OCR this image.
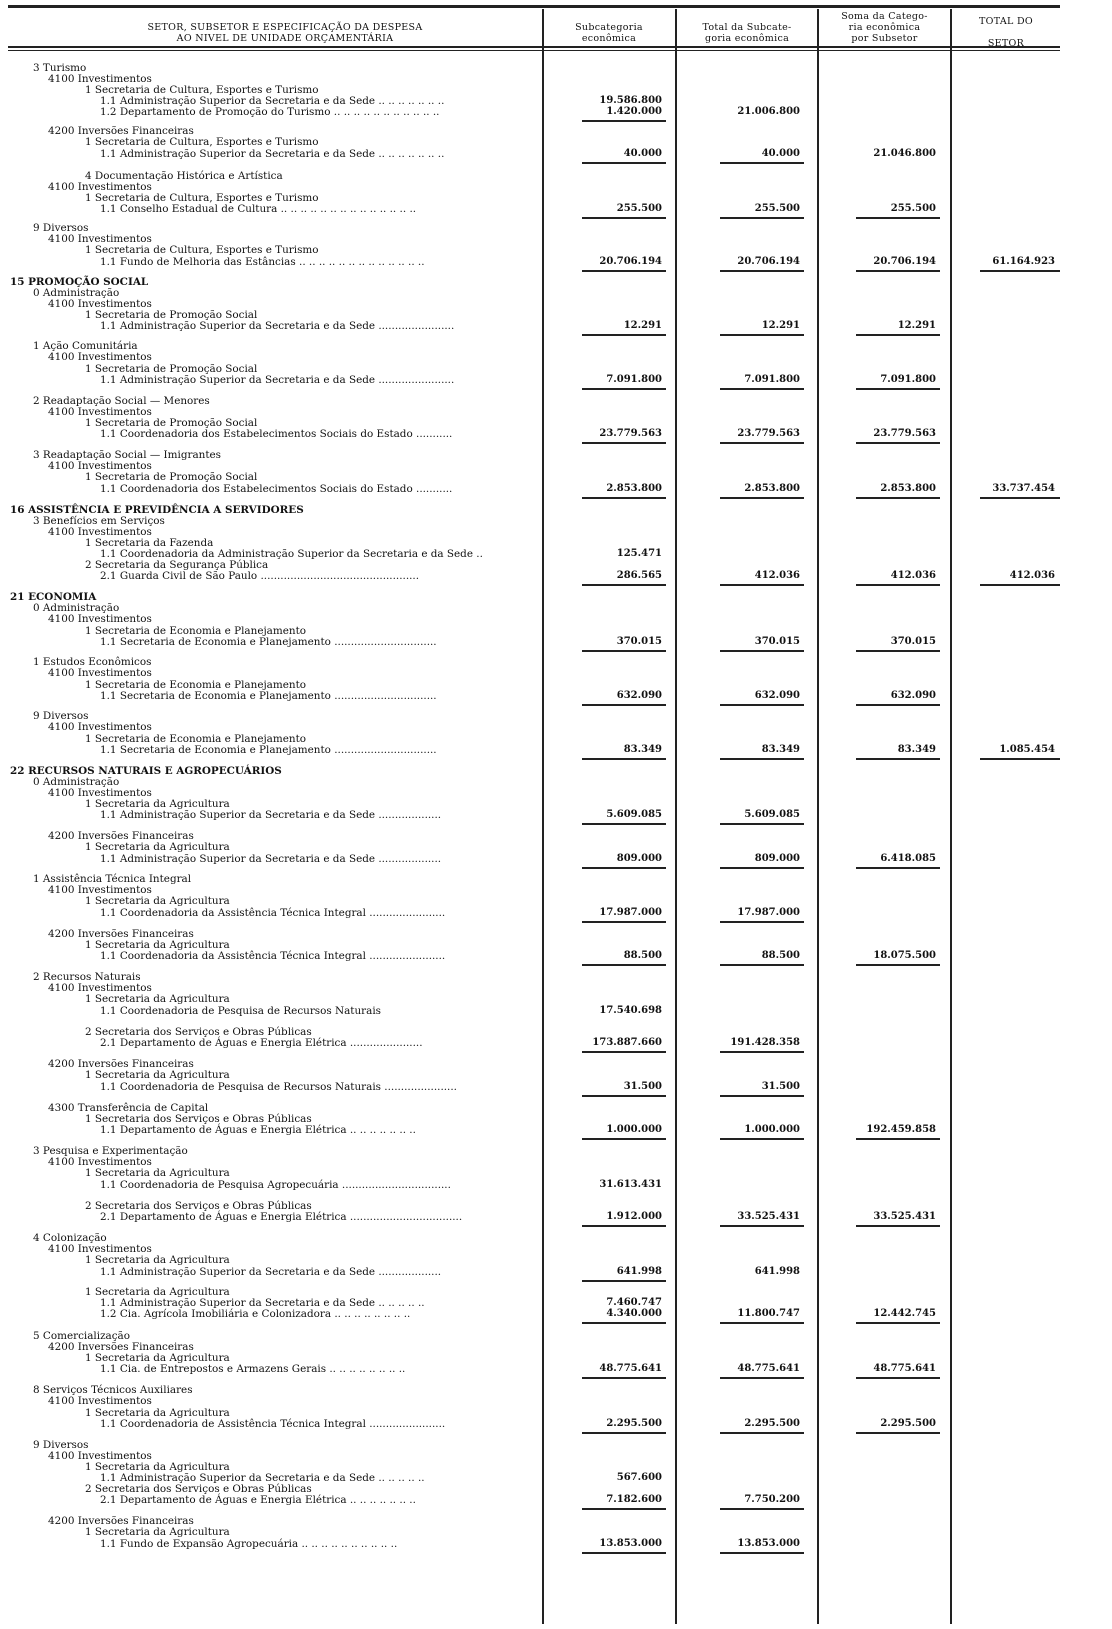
SETOR, SUBSETOR E ESPECIFICAÇÃO DA DESPESA
AO NIVEL DE UNIDADE ORÇAMENTÁRIA
Subcategoria
econômica
Total da Subcate-
goria econômica
Soma da Catego-
ria econômica
por Subsetor
TOTAL DO
SETOR
3 Turismo
4100 Investimentos
1 Secretaria de Cultura, Esportes e Turismo
1.1 Administração Superior da Secretaria e da Sede .. .. .. .. .. .. ..	19.586.800
1.2 Departamento de Promoção do Turismo .. .. .. .. .. .. .. .. .. .. ..	1.420.000	21.006.800
4200 Inversões Financeiras
1 Secretaria de Cultura, Esportes e Turismo
1.1 Administração Superior da Secretaria e da Sede .. .. .. .. .. .. ..	40.000	40.000	21.046.800
4 Documentação Histórica e Artística
4100 Investimentos
1 Secretaria de Cultura, Esportes e Turismo
1.1 Conselho Estadual de Cultura .. .. .. .. .. .. .. .. .. .. .. .. .. ..	255.500	255.500	255.500
9 Diversos
4100 Investimentos
1 Secretaria de Cultura, Esportes e Turismo
1.1 Fundo de Melhoria das Estâncias .. .. .. .. .. .. .. .. .. .. .. .. ..	20.706.194	20.706.194	20.706.194	61.164.923
15 PROMOÇÃO SOCIAL
0 Administração
4100 Investimentos
1 Secretaria de Promoção Social
1.1 Administração Superior da Secretaria e da Sede .......................	12.291	12.291	12.291
1 Ação Comunitária
4100 Investimentos
1 Secretaria de Promoção Social
1.1 Administração Superior da Secretaria e da Sede .......................	7.091.800	7.091.800	7.091.800
2 Readaptação Social — Menores
4100 Investimentos
1 Secretaria de Promoção Social
1.1 Coordenadoria dos Estabelecimentos Sociais do Estado ...........	23.779.563	23.779.563	23.779.563
3 Readaptação Social — Imigrantes
4100 Investimentos
1 Secretaria de Promoção Social
1.1 Coordenadoria dos Estabelecimentos Sociais do Estado ...........	2.853.800	2.853.800	2.853.800	33.737.454
16 ASSISTÊNCIA E PREVIDÊNCIA A SERVIDORES
3 Benefícios em Serviços
4100 Investimentos
1 Secretaria da Fazenda
1.1 Coordenadoria da Administração Superior da Secretaria e da Sede ..	125.471
2 Secretaria da Segurança Pública
2.1 Guarda Civil de São Paulo ................................................	286.565	412.036	412.036	412.036
21 ECONOMIA
0 Administração
4100 Investimentos
1 Secretaria de Economia e Planejamento
1.1 Secretaria de Economia e Planejamento ...............................	370.015	370.015	370.015
1 Estudos Econômicos
4100 Investimentos
1 Secretaria de Economia e Planejamento
1.1 Secretaria de Economia e Planejamento ...............................	632.090	632.090	632.090
9 Diversos
4100 Investimentos
1 Secretaria de Economia e Planejamento
1.1 Secretaria de Economia e Planejamento ...............................	83.349	83.349	83.349	1.085.454
22 RECURSOS NATURAIS E AGROPECUÁRIOS
0 Administração
4100 Investimentos
1 Secretaria da Agricultura
1.1 Administração Superior da Secretaria e da Sede ...................	5.609.085	5.609.085
4200 Inversões Financeiras
1 Secretaria da Agricultura
1.1 Administração Superior da Secretaria e da Sede ...................	809.000	809.000	6.418.085
1 Assistência Técnica Integral
4100 Investimentos
1 Secretaria da Agricultura
1.1 Coordenadoria da Assistência Técnica Integral .......................	17.987.000	17.987.000
4200 Inversões Financeiras
1 Secretaria da Agricultura
1.1 Coordenadoria da Assistência Técnica Integral .......................	88.500	88.500	18.075.500
2 Recursos Naturais
4100 Investimentos
1 Secretaria da Agricultura
1.1 Coordenadoria de Pesquisa de Recursos Naturais	17.540.698
2 Secretaria dos Serviços e Obras Públicas
2.1 Departamento de Águas e Energia Elétrica ......................	173.887.660	191.428.358
4200 Inversões Financeiras
1 Secretaria da Agricultura
1.1 Coordenadoria de Pesquisa de Recursos Naturais ......................	31.500	31.500
4300 Transferência de Capital
1 Secretaria dos Serviços e Obras Públicas
1.1 Departamento de Águas e Energia Elétrica .. .. .. .. .. .. ..	1.000.000	1.000.000	192.459.858
3 Pesquisa e Experimentação
4100 Investimentos
1 Secretaria da Agricultura
1.1 Coordenadoria de Pesquisa Agropecuária .................................	31.613.431
2 Secretaria dos Serviços e Obras Públicas
2.1 Departamento de Águas e Energia Elétrica ..................................	1.912.000	33.525.431	33.525.431
4 Colonização
4100 Investimentos
1 Secretaria da Agricultura
1.1 Administração Superior da Secretaria e da Sede ...................	641.998	641.998
1 Secretaria da Agricultura
1.1 Administração Superior da Secretaria e da Sede .. .. .. .. ..	7.460.747
1.2 Cia. Agrícola Imobiliária e Colonizadora .. .. .. .. .. .. .. ..	4.340.000	11.800.747	12.442.745
5 Comercialização
4200 Inversões Financeiras
1 Secretaria da Agricultura
1.1 Cia. de Entrepostos e Armazens Gerais .. .. .. .. .. .. .. ..	48.775.641	48.775.641	48.775.641
8 Serviços Técnicos Auxiliares
4100 Investimentos
1 Secretaria da Agricultura
1.1 Coordenadoria de Assistência Técnica Integral .......................	2.295.500	2.295.500	2.295.500
9 Diversos
4100 Investimentos
1 Secretaria da Agricultura
1.1 Administração Superior da Secretaria e da Sede .. .. .. .. ..	567.600
2 Secretaria dos Serviços e Obras Públicas
2.1 Departamento de Águas e Energia Elétrica .. .. .. .. .. .. ..	7.182.600	7.750.200
4200 Inversões Financeiras
1 Secretaria da Agricultura
1.1 Fundo de Expansão Agropecuária .. .. .. .. .. .. .. .. .. ..	13.853.000	13.853.000
